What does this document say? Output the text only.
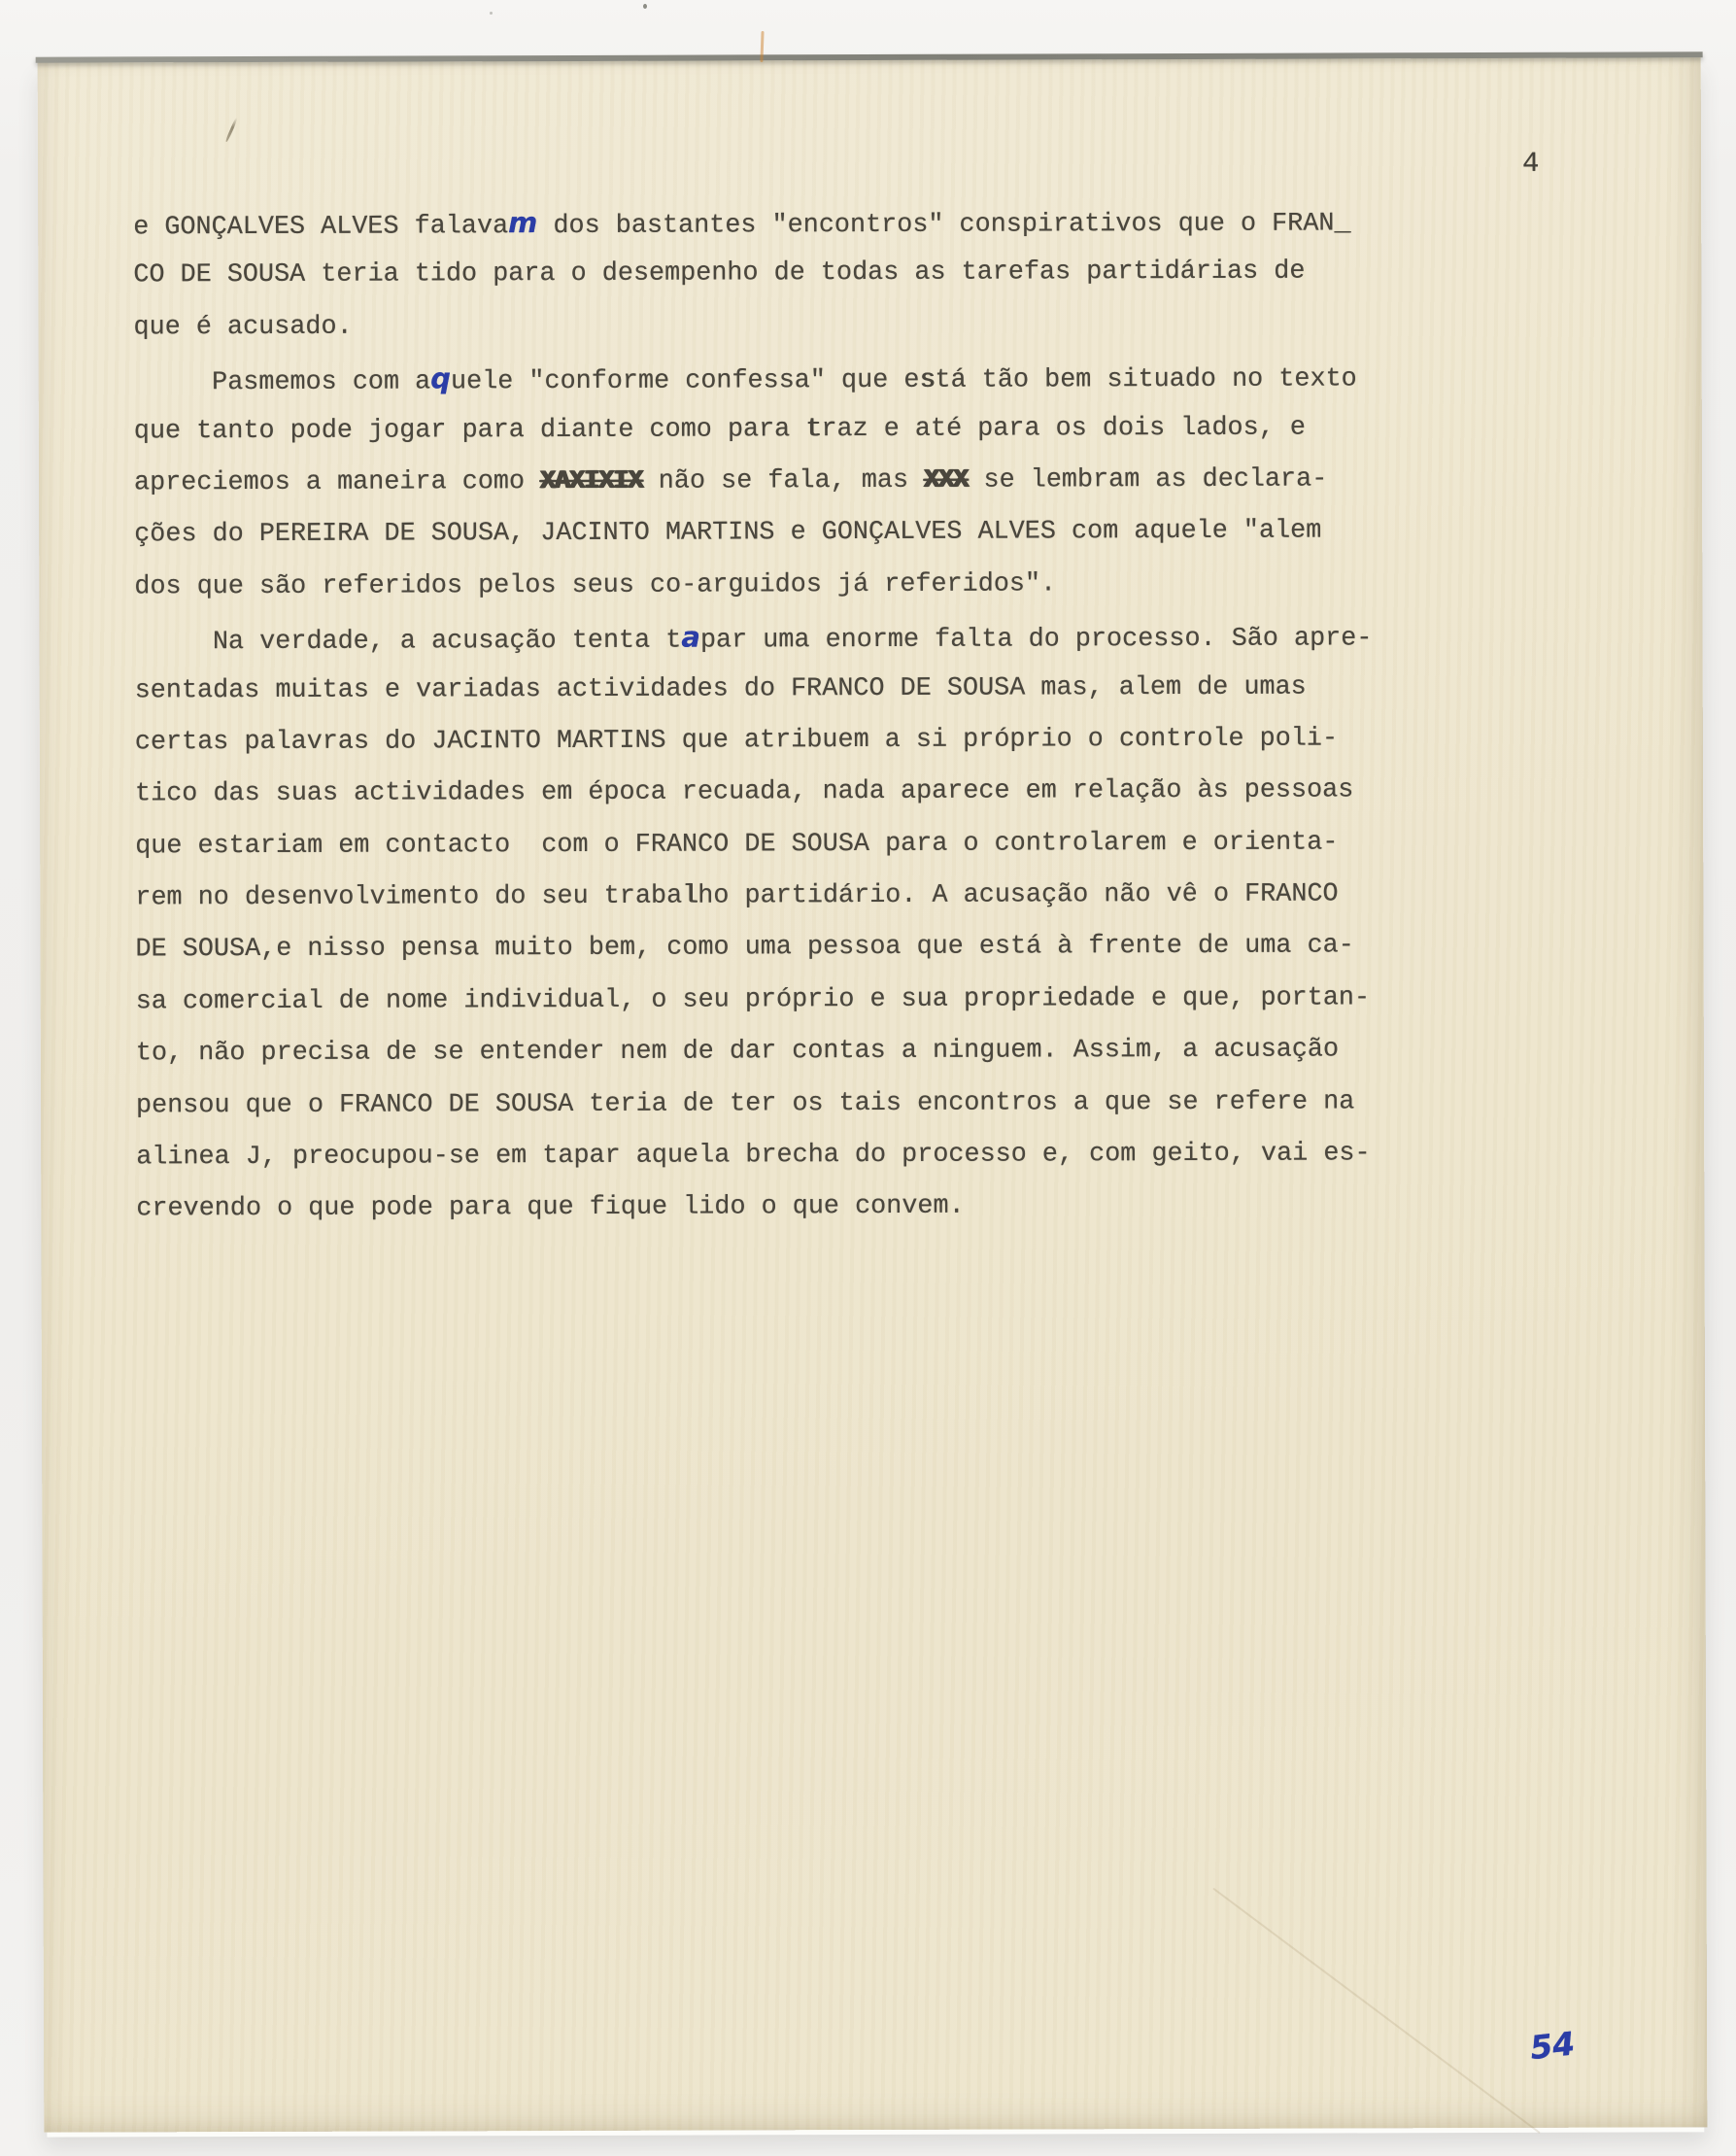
4
e GONÇALVES ALVES falavam dos bastantes "encontros" conspirativos que o FRAN_
CO DE SOUSA teria tido para o desempenho de todas as tarefas partidárias de
que é acusado.
Pasmemos com aquele "conforme confessa" que está tão bem situado no texto
que tanto pode jogar para diante como para traz e até para os dois lados, e
apreciemos a maneira como XAXIXIX não se fala, mas XXX se lembram as declara-
ções do PEREIRA DE SOUSA, JACINTO MARTINS e GONÇALVES ALVES com aquele "alem
dos que são referidos pelos seus co-arguidos já referidos".
Na verdade, a acusação tenta tapar uma enorme falta do processo. São apre-
sentadas muitas e variadas actividades do FRANCO DE SOUSA mas, alem de umas
certas palavras do JACINTO MARTINS que atribuem a si próprio o controle poli-
tico das suas actividades em época recuada, nada aparece em relação às pessoas
que estariam em contacto  com o FRANCO DE SOUSA para o controlarem e orienta-
rem no desenvolvimento do seu trabalho partidário. A acusação não vê o FRANCO
DE SOUSA,e nisso pensa muito bem, como uma pessoa que está à frente de uma ca-
sa comercial de nome individual, o seu próprio e sua propriedade e que, portan-
to, não precisa de se entender nem de dar contas a ninguem. Assim, a acusação
pensou que o FRANCO DE SOUSA teria de ter os tais encontros a que se refere na
alinea J, preocupou-se em tapar aquela brecha do processo e, com geito, vai es-
crevendo o que pode para que fique lido o que convem.
54
